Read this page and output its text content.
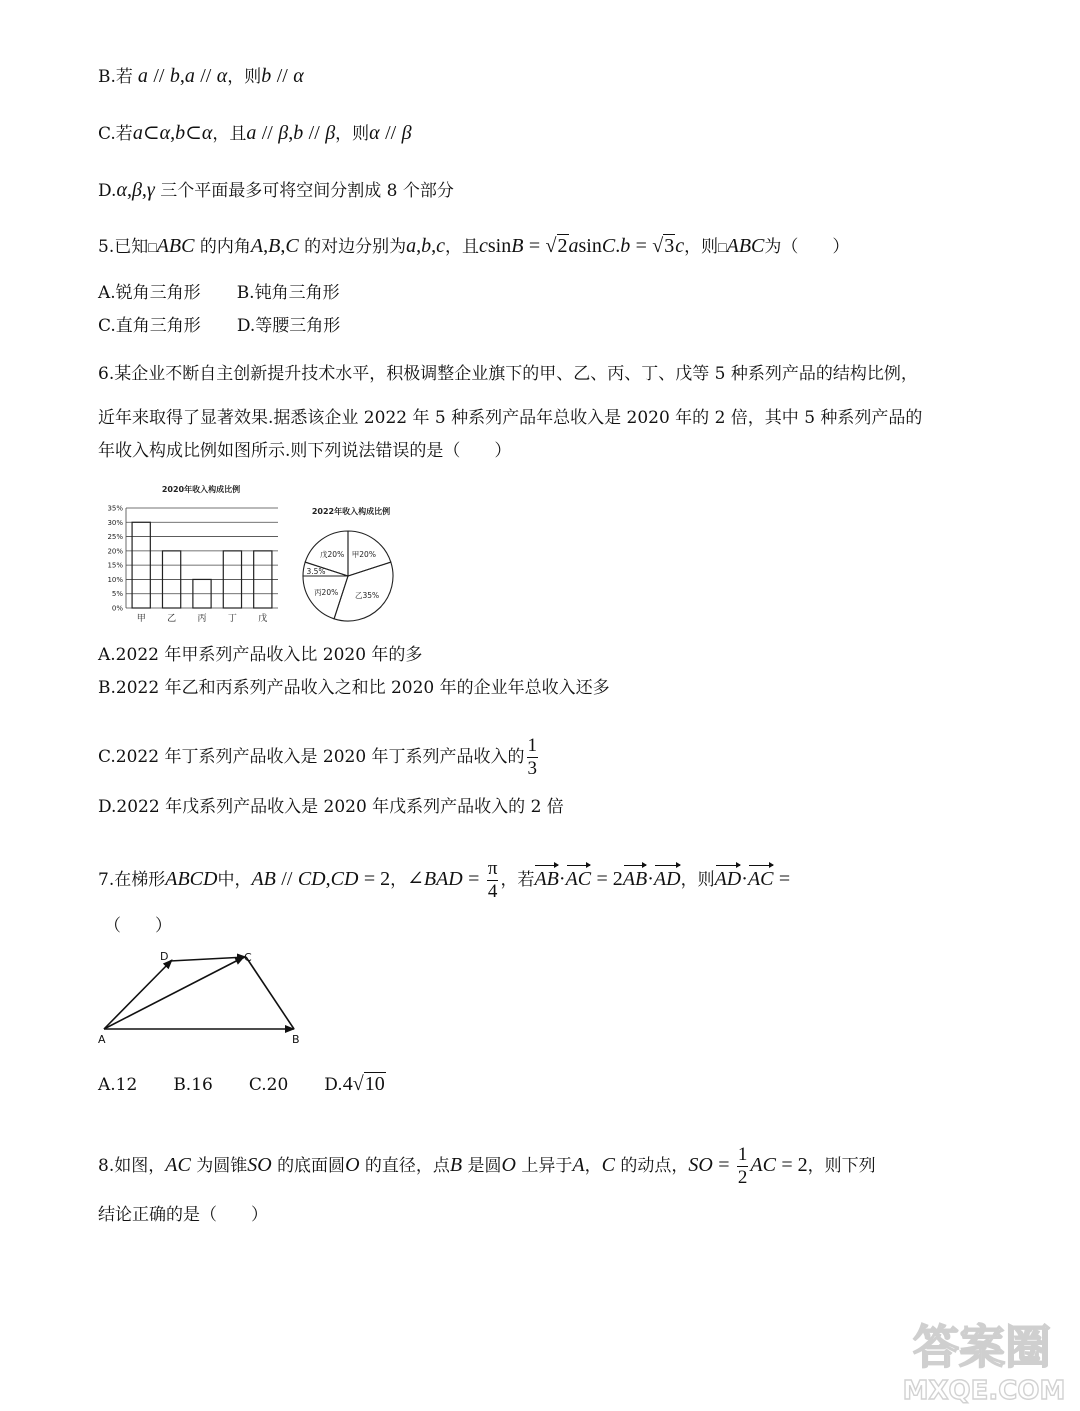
B.若 a // b,a // α，则b // α
C.若a⊂α,b⊂α，且a // β,b // β，则α // β
D.α,β,γ 三个平面最多可将空间分割成 8 个部分
5.已知□ABC 的内角A,B,C 的对边分别为a,b,c，且csinB = √2asinC.b = √3c，则□ABC为（　　）
A.锐角三角形 B.钝角三角形
C.直角三角形 D.等腰三角形
6.某企业不断自主创新提升技术水平，积极调整企业旗下的甲、乙、丙、丁、戊等 5 种系列产品的结构比例，
近年来取得了显著效果.据悉该企业 2022 年 5 种系列产品年总收入是 2020 年的 2 倍，其中 5 种系列产品的
年收入构成比例如图所示.则下列说法错误的是（　　）
2020年收入构成比例
0%
5%
10%
15%
20%
25%
30%
35%
甲 乙 丙 丁 戊
2022年收入构成比例
甲20%
乙35%
丙20%
3.5%
戊20%
A.2022 年甲系列产品收入比 2020 年的多
B.2022 年乙和丙系列产品收入之和比 2020 年的企业年总收入还多
C.2022 年丁系列产品收入是 2020 年丁系列产品收入的 $\frac{1}{3}$
D.2022 年戊系列产品收入是 2020 年戊系列产品收入的 2 倍
7.在梯形ABCD中，AB // CD,CD = 2，∠BAD = $\frac{\pi}{4}$ ，若AB·AC = 2AB·AD，则AD·AC =
（　　）
D	C
A	B
A.12 B.16 C.20 D.4√10
8.如图，AC 为圆锥SO 的底面圆O 的直径，点B 是圆O 上异于A，C 的动点，SO = $\frac{1}{2}$ AC = 2，则下列
结论正确的是（　　）
答案圈
MXQE.COM
